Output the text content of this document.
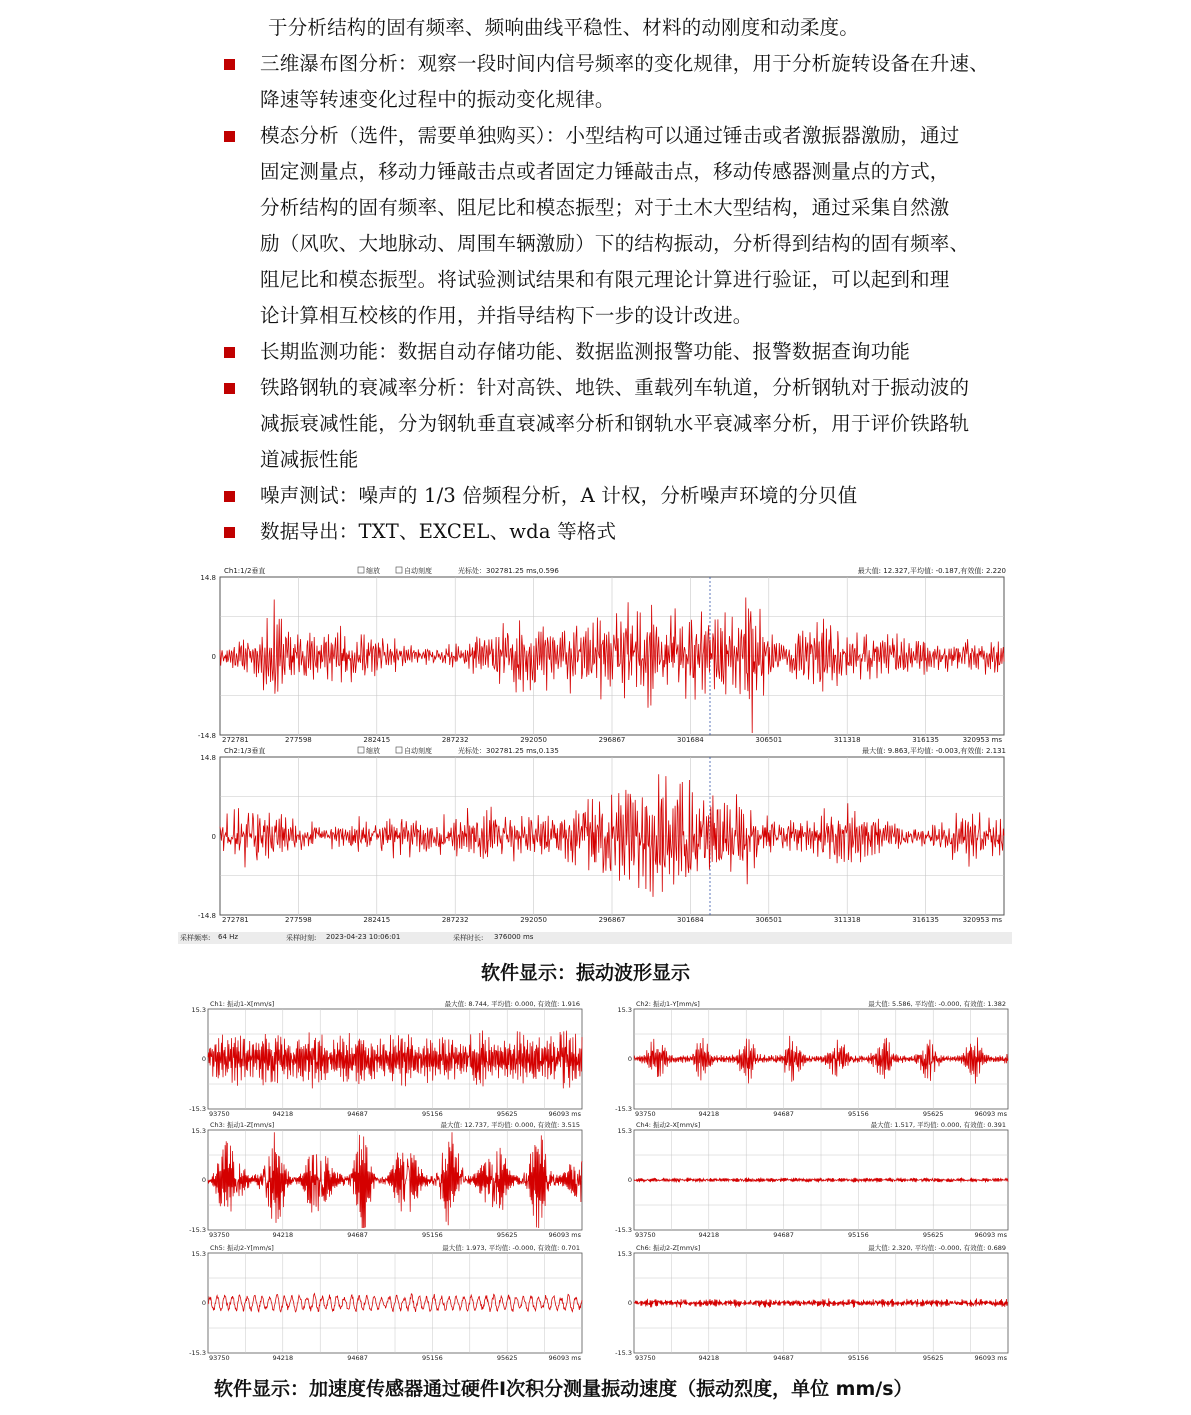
于分析结构的固有频率、频响曲线平稳性、材料的动刚度和动柔度。
三维瀑布图分析：观察一段时间内信号频率的变化规律，用于分析旋转设备在升速、
降速等转速变化过程中的振动变化规律。
模态分析（选件，需要单独购买）：小型结构可以通过锤击或者激振器激励，通过
固定测量点，移动力锤敲击点或者固定力锤敲击点，移动传感器测量点的方式，
分析结构的固有频率、阻尼比和模态振型；对于土木大型结构，通过采集自然激
励（风吹、大地脉动、周围车辆激励）下的结构振动，分析得到结构的固有频率、
阻尼比和模态振型。将试验测试结果和有限元理论计算进行验证，可以起到和理
论计算相互校核的作用，并指导结构下一步的设计改进。
长期监测功能：数据自动存储功能、数据监测报警功能、报警数据查询功能
铁路钢轨的衰减率分析：针对高铁、地铁、重载列车轨道，分析钢轨对于振动波的
减振衰减性能，分为钢轨垂直衰减率分析和钢轨水平衰减率分析，用于评价铁路轨
道减振性能
噪声测试：噪声的 1/3 倍频程分析，A 计权，分析噪声环境的分贝值
数据导出：TXT、EXCEL、wda 等格式
Ch1:1/2垂直	缩放	自动刻度	光标处：302781.25 ms,0.596	最大值: 12.327,平均值: -0.187,有效值: 2.220
14.8
0
-14.8 272781	277598	282415	287232	292050	296867	301684	306501	311318	316135	320953 ms
Ch2:1/3垂直	缩放	自动刻度	光标处：302781.25 ms,0.135	最大值: 9.863,平均值: -0.003,有效值: 2.131
14.8
0
-14.8 272781	277598	282415	287232	292050	296867	301684	306501	311318	316135	320953 ms
采样频率: 64 Hz	采样时刻: 2023-04-23 10:06:01	采样时长: 376000 ms
软件显示：振动波形显示
Ch1: 振动1-X[mm/s]	最大值: 8.744, 平均值: 0.000, 有效值: 1.916
15.3
0
-15.3
93750	94218	94687	95156	95625	96093 ms
Ch2: 振动1-Y[mm/s]	最大值: 5.586, 平均值: -0.000, 有效值: 1.382
15.3
0
-15.3
93750	94218	94687	95156	95625	96093 ms
Ch3: 振动1-Z[mm/s]	最大值: 12.737, 平均值: 0.000, 有效值: 3.515
15.3
0
-15.3
93750	94218	94687	95156	95625	96093 ms
Ch4: 振动2-X[mm/s]	最大值: 1.517, 平均值: 0.000, 有效值: 0.391
15.3
0
-15.3
93750	94218	94687	95156	95625	96093 ms
Ch5: 振动2-Y[mm/s]	最大值: 1.973, 平均值: -0.000, 有效值: 0.701
15.3
0
-15.3
93750	94218	94687	95156	95625	96093 ms
Ch6: 振动2-Z[mm/s]	最大值: 2.320, 平均值: -0.000, 有效值: 0.689
15.3
0
-15.3
93750	94218	94687	95156	95625	96093 ms
软件显示：加速度传感器通过硬件Ⅰ次积分测量振动速度（振动烈度，单位 mm/s）
